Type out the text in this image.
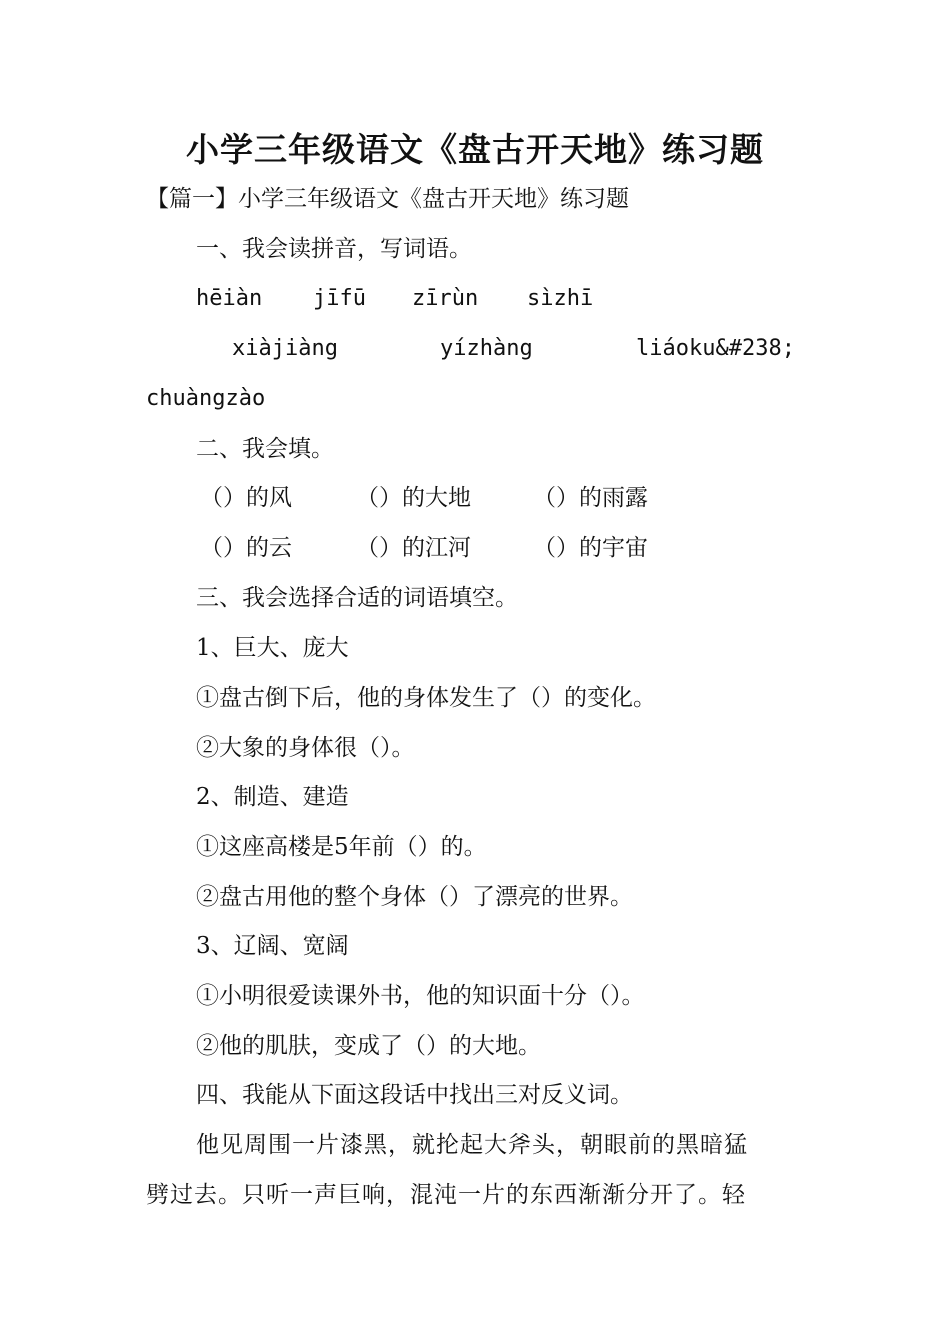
小学三年级语文《盘古开天地》练习题
【篇一】小学三年级语文《盘古开天地》练习题
一、我会读拼音，写词语。
hēiàn jīfū zīrùn sìzhī
xiàjiàng	yízhàng	liáoku&#238;
chuàngzào
二、我会填。
（）的风	（）的大地	（）的雨露
（）的云	（）的江河	（）的宇宙
三、我会选择合适的词语填空。
1、巨大、庞大
①盘古倒下后，他的身体发生了（）的变化。
②大象的身体很（）。
2、制造、建造
①这座高楼是5年前（）的。
②盘古用他的整个身体（）了漂亮的世界。
3、辽阔、宽阔
①小明很爱读课外书，他的知识面十分（）。
②他的肌肤，变成了（）的大地。
四、我能从下面这段话中找出三对反义词。
他见周围一片漆黑，就抡起大斧头，朝眼前的黑暗猛
劈过去。只听一声巨响，混沌一片的东西渐渐分开了。轻
